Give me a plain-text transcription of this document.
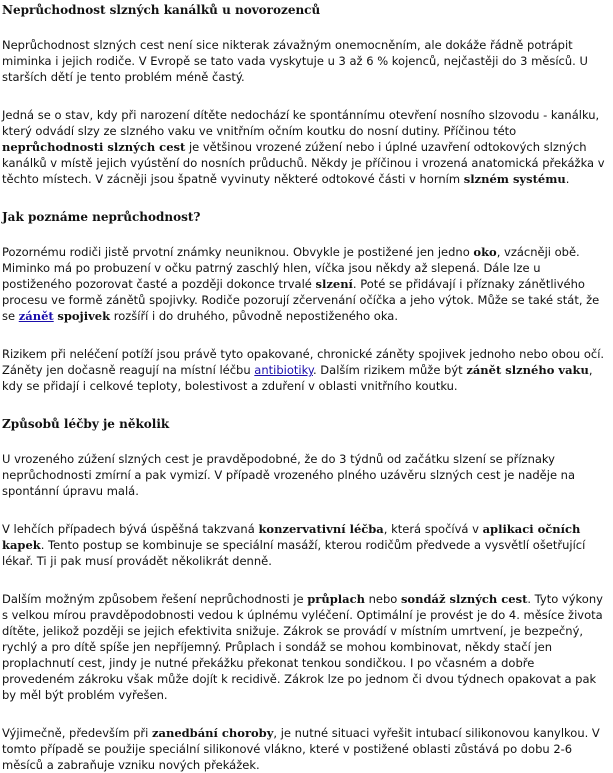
Neprůchodnost slzných kanálků u novorozenců

Neprůchodnost slzných cest není sice nikterak závažným onemocněním, ale dokáže řádně potrápit miminka i jejich rodiče. V Evropě se tato vada vyskytuje u 3 až 6 % kojenců, nejčastěji do 3 měsíců. U starších dětí je tento problém méně častý.

Jedná se o stav, kdy při narození dítěte nedochází ke spontánnímu otevření nosního slzovodu - kanálku, který odvádí slzy ze slzného vaku ve vnitřním očním koutku do nosní dutiny. Příčinou této neprůchodnosti slzných cest je většinou vrozené zúžení nebo i úplné uzavření odtokových slzných kanálků v místě jejich vyústění do nosních průduchů. Někdy je příčinou i vrozená anatomická překážka v těchto místech. V zácněji jsou špatně vyvinuty některé odtokové části v horním slzném systému.

Jak poznáme neprůchodnost?

Pozornému rodiči jistě prvotní známky neuniknou. Obvykle je postižené jen jedno oko, vzácněji obě. Miminko má po probuzení v očku patrný zaschlý hlen, víčka jsou někdy až slepená. Dále lze u postiženého pozorovat časté a později dokonce trvalé slzení. Poté se přidávají i příznaky zánětlivého procesu ve formě zánětů spojivky. Rodiče pozorují zčervenání očíčka a jeho výtok. Může se také stát, že se zánět spojivek rozšíří i do druhého, původně nepostiženého oka.

Rizikem při neléčení potíží jsou právě tyto opakované, chronické záněty spojivek jednoho nebo obou očí. Záněty jen dočasně reagují na místní léčbu antibiotiky. Dalším rizikem může být zánět slzného vaku, kdy se přidají i celkové teploty, bolestivost a zduření v oblasti vnitřního koutku.

Způsobů léčby je několik

U vrozeného zúžení slzných cest je pravděpodobné, že do 3 týdnů od začátku slzení se příznaky neprůchodnosti zmírní a pak vymizí. V případě vrozeného plného uzávěru slzných cest je naděje na spontánní úpravu malá.

V lehčích případech bývá úspěšná takzvaná konzervativní léčba, která spočívá v aplikaci očních kapek. Tento postup se kombinuje se speciální masáží, kterou rodičům předvede a vysvětlí ošetřující lékař. Ti ji pak musí provádět několikrát denně.

Dalším možným způsobem řešení neprůchodnosti je průplach nebo sondáž slzných cest. Tyto výkony s velkou mírou pravděpodobnosti vedou k úplnému vyléčení. Optimální je provést je do 4. měsíce života dítěte, jelikož později se jejich efektivita snižuje. Zákrok se provádí v místním umrtvení, je bezpečný, rychlý a pro dítě spíše jen nepříjemný. Průplach i sondáž se mohou kombinovat, někdy stačí jen proplachnutí cest, jindy je nutné překážku překonat tenkou sondičkou. I po včasném a dobře provedeném zákroku však může dojít k recidivě. Zákrok lze po jednom či dvou týdnech opakovat a pak by měl být problém vyřešen.

Výjimečně, především při zanedbání choroby, je nutné situaci vyřešit intubací silikonovou kanylkou. V tomto případě se použije speciální silikonové vlákno, které v postižené oblasti zůstává po dobu 2-6 měsíců a zabraňuje vzniku nových překážek.
